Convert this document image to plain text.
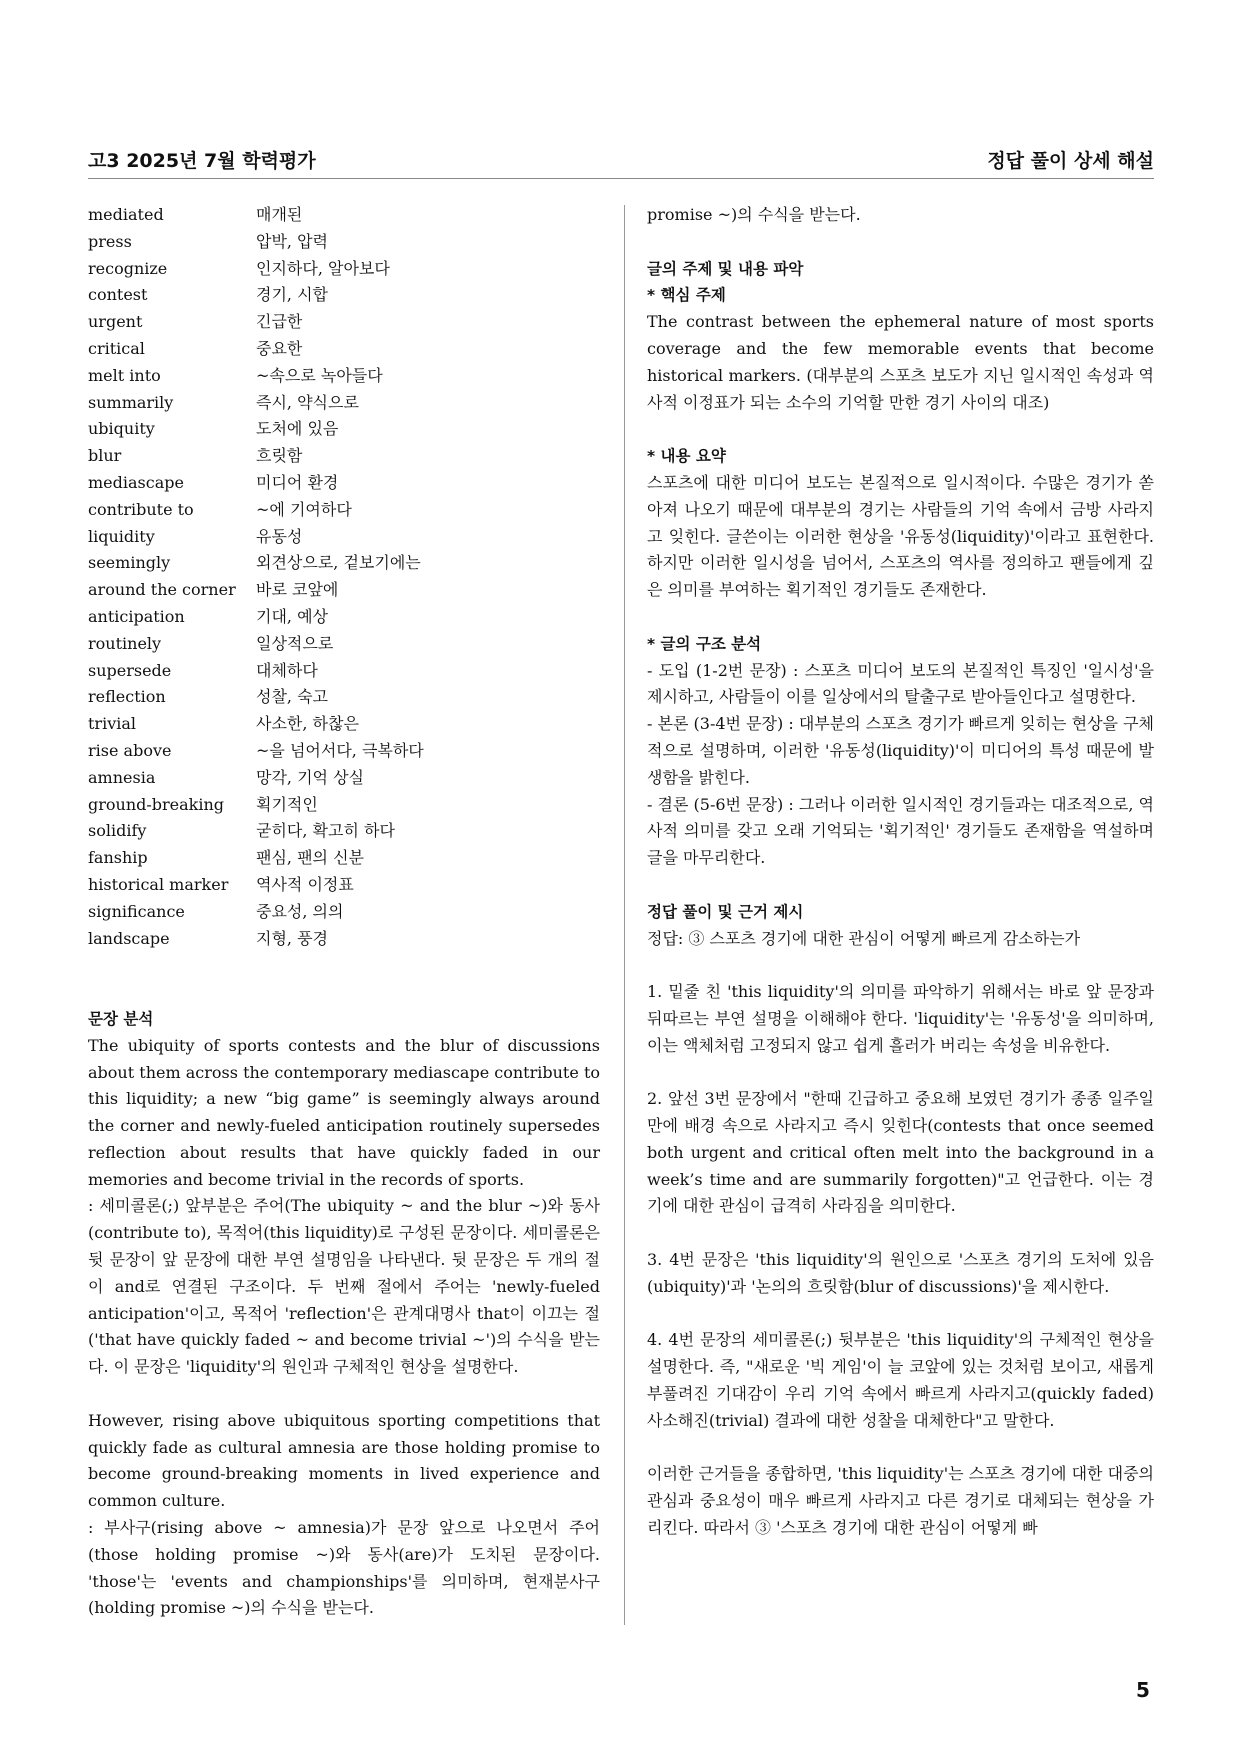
고3 2025년 7월 학력평가	정답 풀이 상세 해설
mediated	매개된
press	압박, 압력
recognize	인지하다, 알아보다
contest	경기, 시합
urgent	긴급한
critical	중요한
melt into	~속으로 녹아들다
summarily	즉시, 약식으로
ubiquity	도처에 있음
blur	흐릿함
mediascape	미디어 환경
contribute to	~에 기여하다
liquidity	유동성
seemingly	외견상으로, 겉보기에는
around the corner	바로 코앞에
anticipation	기대, 예상
routinely	일상적으로
supersede	대체하다
reflection	성찰, 숙고
trivial	사소한, 하찮은
rise above	~을 넘어서다, 극복하다
amnesia	망각, 기억 상실
ground-breaking	획기적인
solidify	굳히다, 확고히 하다
fanship	팬심, 팬의 신분
historical marker	역사적 이정표
significance	중요성, 의의
landscape	지형, 풍경
문장 분석

The ubiquity of sports contests and the blur of discussions about them across the contemporary mediascape contribute to this liquidity; a new “big game” is seemingly always around the corner and newly-fueled anticipation routinely supersedes reflection about results that have quickly faded in our memories and become trivial in the records of sports.

: 세미콜론(;) 앞부분은 주어(The ubiquity ~ and the blur ~)와 동사(contribute to), 목적어(this liquidity)로 구성된 문장이다. 세미콜론은 뒷 문장이 앞 문장에 대한 부연 설명임을 나타낸다. 뒷 문장은 두 개의 절이 and로 연결된 구조이다. 두 번째 절에서 주어는 'newly-fueled anticipation'이고, 목적어 'reflection'은 관계대명사 that이 이끄는 절('that have quickly faded ~ and become trivial ~')의 수식을 받는다. 이 문장은 'liquidity'의 원인과 구체적인 현상을 설명한다.

However, rising above ubiquitous sporting competitions that quickly fade as cultural amnesia are those holding promise to become ground-breaking moments in lived experience and common culture.

: 부사구(rising above ~ amnesia)가 문장 앞으로 나오면서 주어(those holding promise ~)와 동사(are)가 도치된 문장이다. 'those'는 'events and championships'를 의미하며, 현재분사구(holding promise ~)의 수식을 받는다.

promise ~)의 수식을 받는다.

글의 주제 및 내용 파악
* 핵심 주제

The contrast between the ephemeral nature of most sports coverage and the few memorable events that become historical markers. (대부분의 스포츠 보도가 지닌 일시적인 속성과 역사적 이정표가 되는 소수의 기억할 만한 경기 사이의 대조)

* 내용 요약

스포츠에 대한 미디어 보도는 본질적으로 일시적이다. 수많은 경기가 쏟아져 나오기 때문에 대부분의 경기는 사람들의 기억 속에서 금방 사라지고 잊힌다. 글쓴이는 이러한 현상을 '유동성(liquidity)'이라고 표현한다. 하지만 이러한 일시성을 넘어서, 스포츠의 역사를 정의하고 팬들에게 깊은 의미를 부여하는 획기적인 경기들도 존재한다.

* 글의 구조 분석

- 도입 (1-2번 문장) : 스포츠 미디어 보도의 본질적인 특징인 '일시성'을 제시하고, 사람들이 이를 일상에서의 탈출구로 받아들인다고 설명한다.

- 본론 (3-4번 문장) : 대부분의 스포츠 경기가 빠르게 잊히는 현상을 구체적으로 설명하며, 이러한 '유동성(liquidity)'이 미디어의 특성 때문에 발생함을 밝힌다.

- 결론 (5-6번 문장) : 그러나 이러한 일시적인 경기들과는 대조적으로, 역사적 의미를 갖고 오래 기억되는 '획기적인' 경기들도 존재함을 역설하며 글을 마무리한다.

정답 풀이 및 근거 제시

정답: ③ 스포츠 경기에 대한 관심이 어떻게 빠르게 감소하는가

1. 밑줄 친 'this liquidity'의 의미를 파악하기 위해서는 바로 앞 문장과 뒤따르는 부연 설명을 이해해야 한다. 'liquidity'는 '유동성'을 의미하며, 이는 액체처럼 고정되지 않고 쉽게 흘러가 버리는 속성을 비유한다.

2. 앞선 3번 문장에서 "한때 긴급하고 중요해 보였던 경기가 종종 일주일 만에 배경 속으로 사라지고 즉시 잊힌다(contests that once seemed both urgent and critical often melt into the background in a week’s time and are summarily forgotten)"고 언급한다. 이는 경기에 대한 관심이 급격히 사라짐을 의미한다.

3. 4번 문장은 'this liquidity'의 원인으로 '스포츠 경기의 도처에 있음(ubiquity)'과 '논의의 흐릿함(blur of discussions)'을 제시한다.

4. 4번 문장의 세미콜론(;) 뒷부분은 'this liquidity'의 구체적인 현상을 설명한다. 즉, "새로운 '빅 게임'이 늘 코앞에 있는 것처럼 보이고, 새롭게 부풀려진 기대감이 우리 기억 속에서 빠르게 사라지고(quickly faded) 사소해진(trivial) 결과에 대한 성찰을 대체한다"고 말한다.

이러한 근거들을 종합하면, 'this liquidity'는 스포츠 경기에 대한 대중의 관심과 중요성이 매우 빠르게 사라지고 다른 경기로 대체되는 현상을 가리킨다. 따라서 ③ '스포츠 경기에 대한 관심이 어떻게 빠

5
